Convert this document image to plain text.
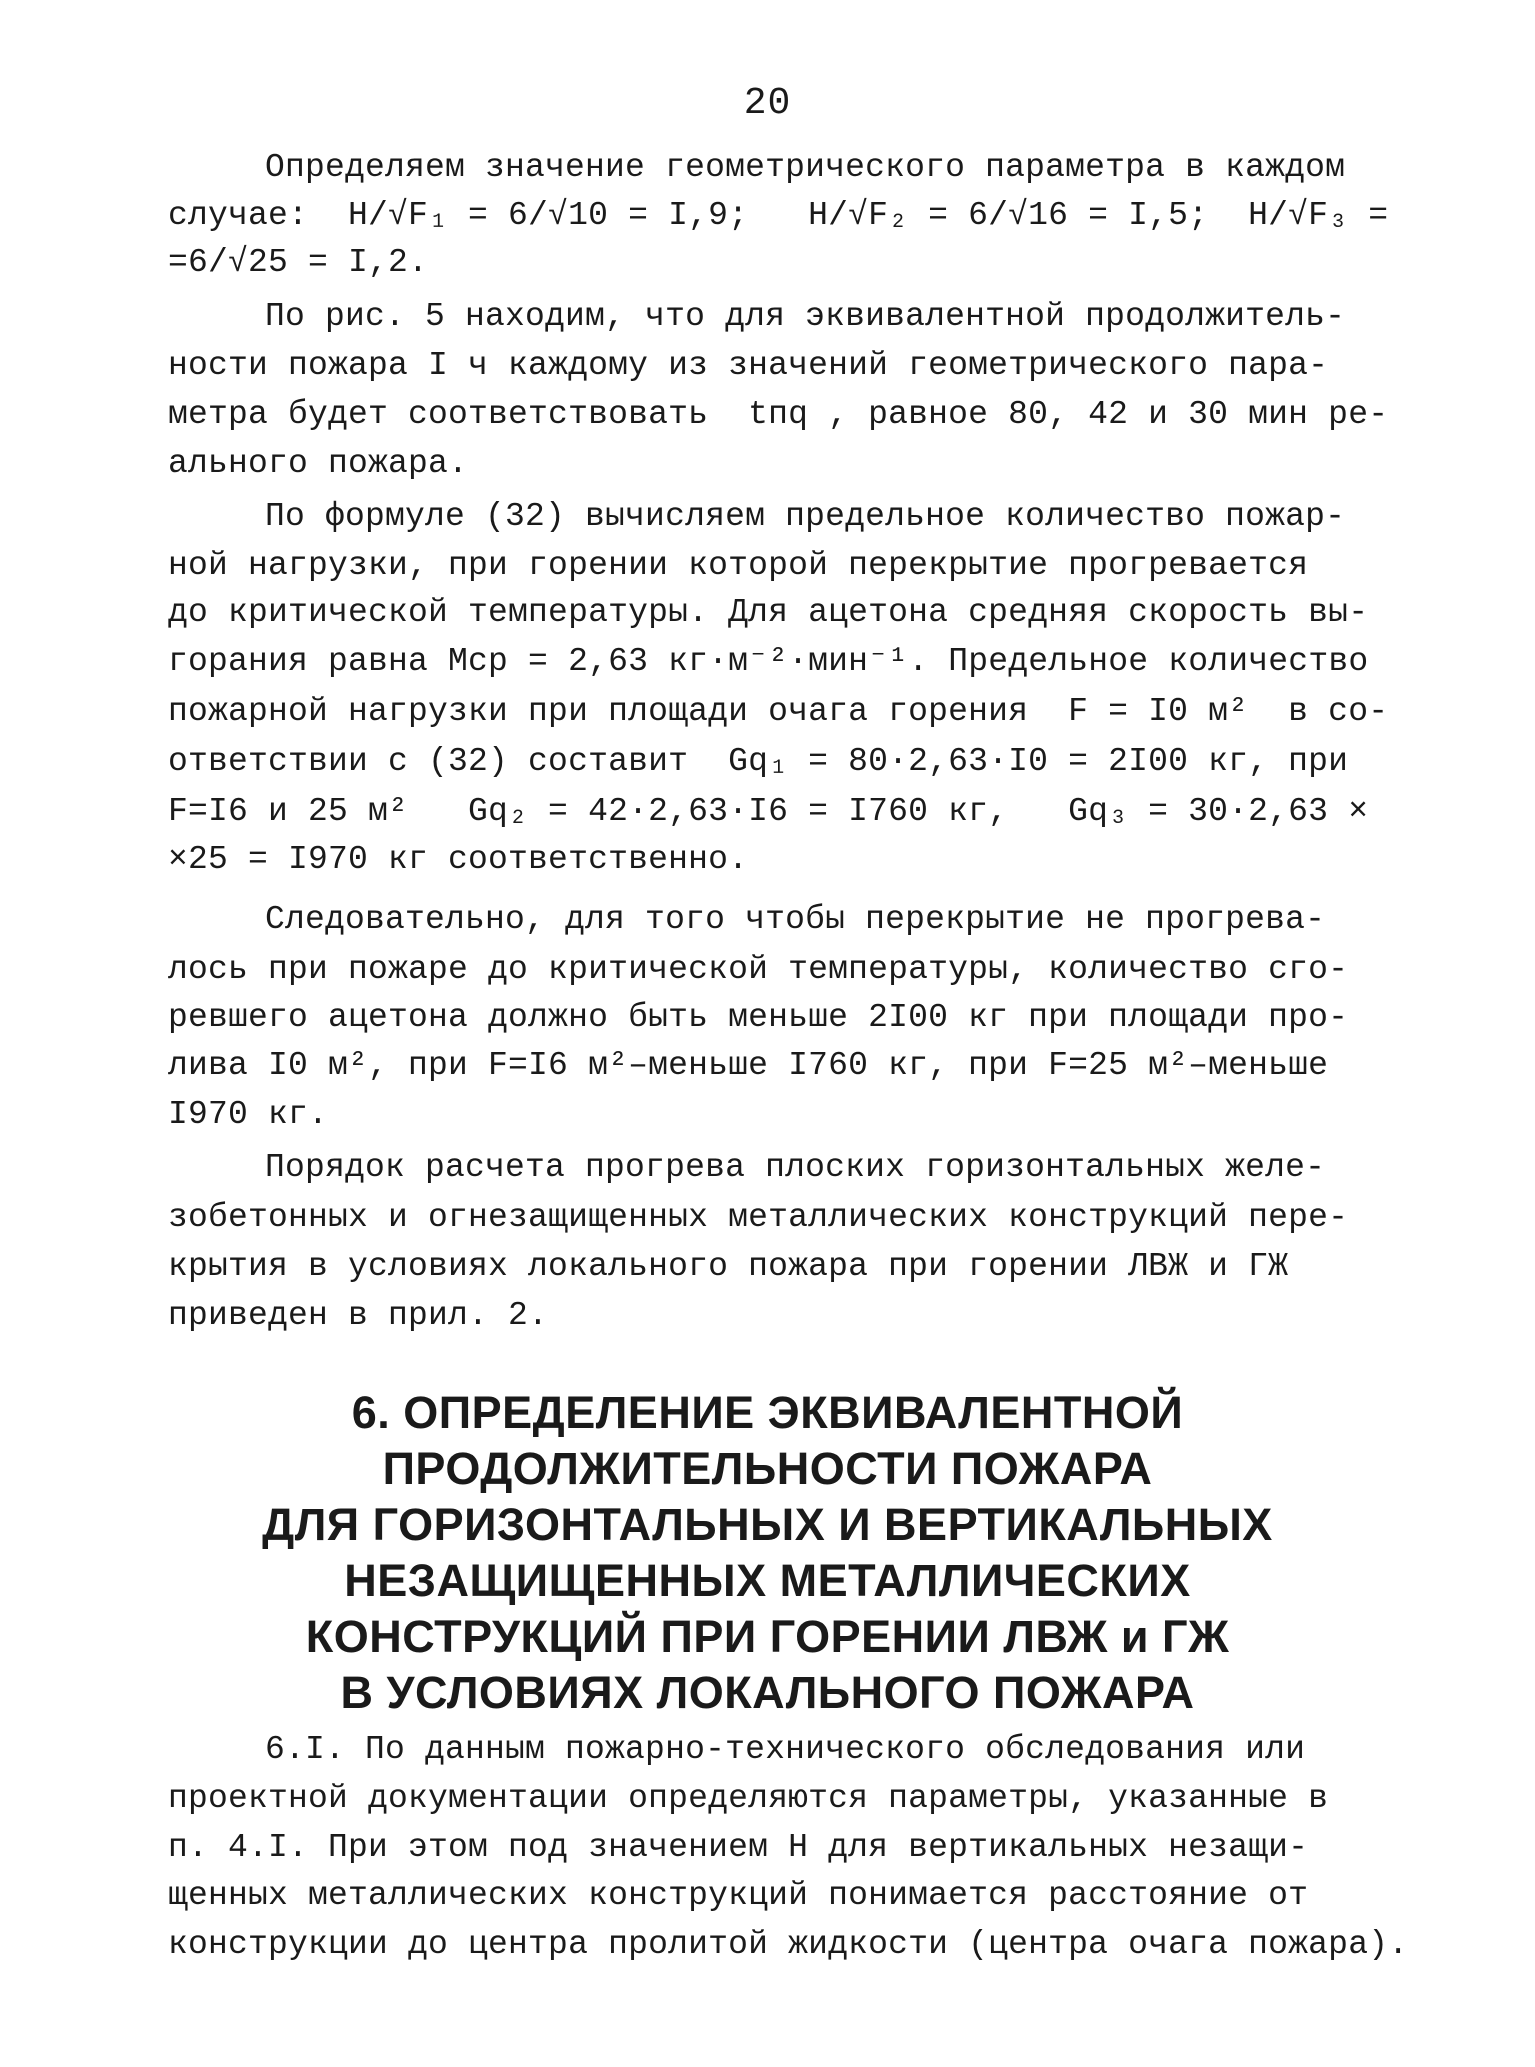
20
Определяем значение геометрического параметра в каждом
случае:  Н/√F₁ = 6/√10 = I,9;   Н/√F₂ = 6/√16 = I,5;  Н/√F₃ =
=6/√25 = I,2.
По рис. 5 находим, что для эквивалентной продолжитель-
ности пожара I ч каждому из значений геометрического пара-
метра будет соответствовать  tпq , равное 80, 42 и 30 мин ре-
ального пожара.
По формуле (32) вычисляем предельное количество пожар-
ной нагрузки, при горении которой перекрытие прогревается
до критической температуры. Для ацетона средняя скорость вы-
горания равна Мср = 2,63 кг·м⁻²·мин⁻¹. Предельное количество
пожарной нагрузки при площади очага горения  F = I0 м²  в со-
ответствии с (32) составит  Gq₁ = 80·2,63·I0 = 2I00 кг, при
F=I6 и 25 м²   Gq₂ = 42·2,63·I6 = I760 кг,   Gq₃ = 30·2,63 ×
×25 = I970 кг соответственно.
Следовательно, для того чтобы перекрытие не прогрева-
лось при пожаре до критической температуры, количество сго-
ревшего ацетона должно быть меньше 2I00 кг при площади про-
лива I0 м², при F=I6 м²–меньше I760 кг, при F=25 м²–меньше
I970 кг.
Порядок расчета прогрева плоских горизонтальных желе-
зобетонных и огнезащищенных металлических конструкций пере-
крытия в условиях локального пожара при горении ЛВЖ и ГЖ
приведен в прил. 2.
6. ОПРЕДЕЛЕНИЕ ЭКВИВАЛЕНТНОЙ
ПРОДОЛЖИТЕЛЬНОСТИ ПОЖАРА
ДЛЯ ГОРИЗОНТАЛЬНЫХ И ВЕРТИКАЛЬНЫХ
НЕЗАЩИЩЕННЫХ МЕТАЛЛИЧЕСКИХ
КОНСТРУКЦИЙ ПРИ ГОРЕНИИ ЛВЖ и ГЖ
В УСЛОВИЯХ ЛОКАЛЬНОГО ПОЖАРА
6.I. По данным пожарно-технического обследования или
проектной документации определяются параметры, указанные в
п. 4.I. При этом под значением Н для вертикальных незащи-
щенных металлических конструкций понимается расстояние от
конструкции до центра пролитой жидкости (центра очага пожара).
